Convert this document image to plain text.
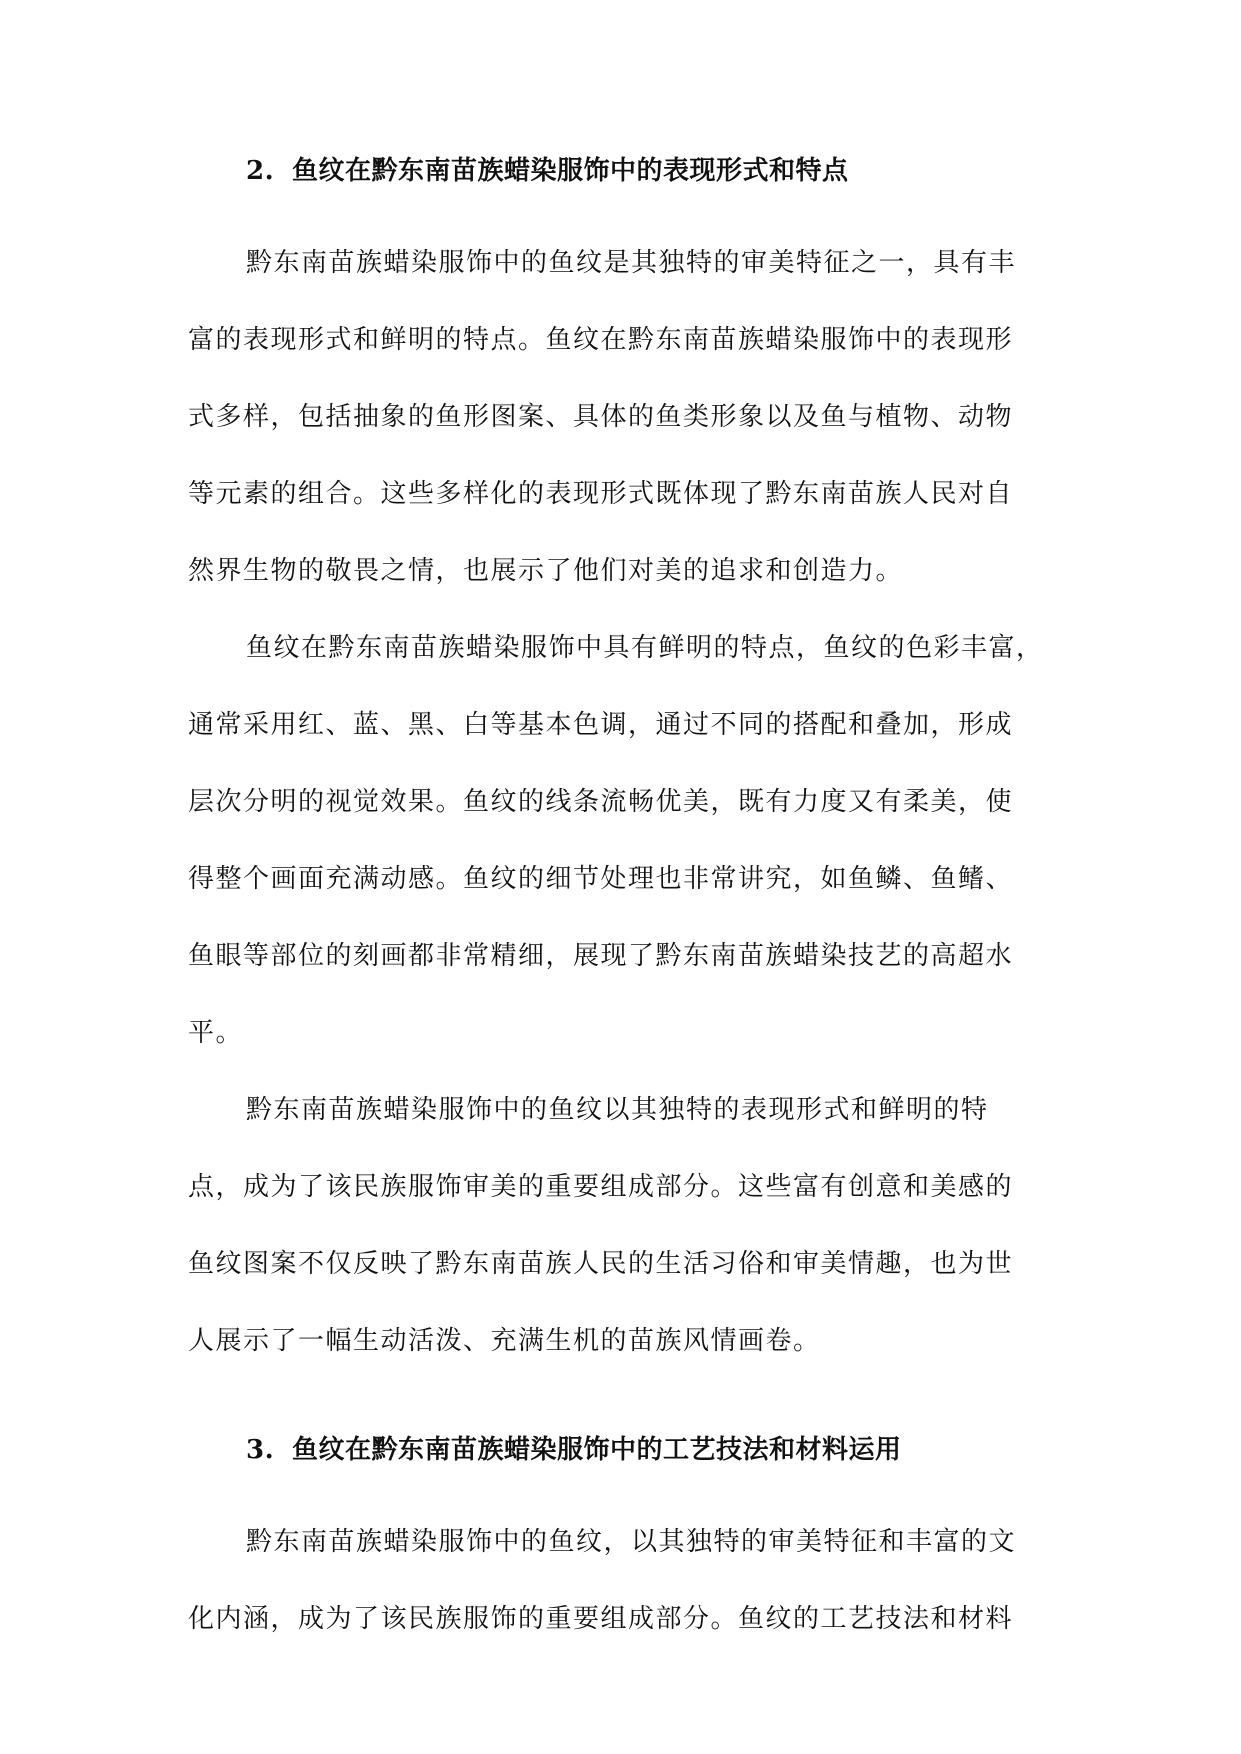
2. 鱼纹在黔东南苗族蜡染服饰中的表现形式和特点

黔东南苗族蜡染服饰中的鱼纹是其独特的审美特征之一，具有丰
富的表现形式和鲜明的特点。鱼纹在黔东南苗族蜡染服饰中的表现形
式多样，包括抽象的鱼形图案、具体的鱼类形象以及鱼与植物、动物
等元素的组合。这些多样化的表现形式既体现了黔东南苗族人民对自
然界生物的敬畏之情，也展示了他们对美的追求和创造力。

鱼纹在黔东南苗族蜡染服饰中具有鲜明的特点，鱼纹的色彩丰富，
通常采用红、蓝、黑、白等基本色调，通过不同的搭配和叠加，形成
层次分明的视觉效果。鱼纹的线条流畅优美，既有力度又有柔美，使
得整个画面充满动感。鱼纹的细节处理也非常讲究，如鱼鳞、鱼鳍、
鱼眼等部位的刻画都非常精细，展现了黔东南苗族蜡染技艺的高超水
平。

黔东南苗族蜡染服饰中的鱼纹以其独特的表现形式和鲜明的特
点，成为了该民族服饰审美的重要组成部分。这些富有创意和美感的
鱼纹图案不仅反映了黔东南苗族人民的生活习俗和审美情趣，也为世
人展示了一幅生动活泼、充满生机的苗族风情画卷。

3. 鱼纹在黔东南苗族蜡染服饰中的工艺技法和材料运用

黔东南苗族蜡染服饰中的鱼纹，以其独特的审美特征和丰富的文
化内涵，成为了该民族服饰的重要组成部分。鱼纹的工艺技法和材料
